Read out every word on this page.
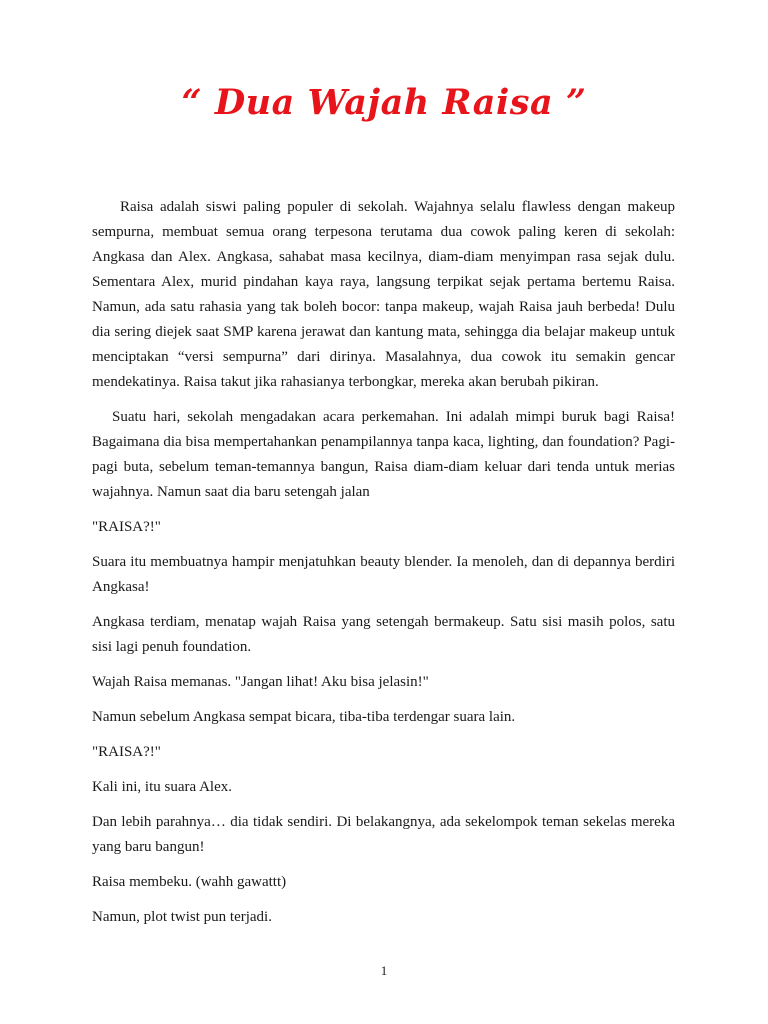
“ Dua Wajah Raisa ”

Raisa adalah siswi paling populer di sekolah. Wajahnya selalu flawless dengan makeup sempurna, membuat semua orang terpesona terutama dua cowok paling keren di sekolah: Angkasa dan Alex. Angkasa, sahabat masa kecilnya, diam-diam menyimpan rasa sejak dulu. Sementara Alex, murid pindahan kaya raya, langsung terpikat sejak pertama bertemu Raisa. Namun, ada satu rahasia yang tak boleh bocor: tanpa makeup, wajah Raisa jauh berbeda! Dulu dia sering diejek saat SMP karena jerawat dan kantung mata, sehingga dia belajar makeup untuk menciptakan “versi sempurna” dari dirinya. Masalahnya, dua cowok itu semakin gencar mendekatinya. Raisa takut jika rahasianya terbongkar, mereka akan berubah pikiran.

Suatu hari, sekolah mengadakan acara perkemahan. Ini adalah mimpi buruk bagi Raisa! Bagaimana dia bisa mempertahankan penampilannya tanpa kaca, lighting, dan foundation? Pagi-pagi buta, sebelum teman-temannya bangun, Raisa diam-diam keluar dari tenda untuk merias wajahnya. Namun saat dia baru setengah jalan

"RAISA?!"

Suara itu membuatnya hampir menjatuhkan beauty blender. Ia menoleh, dan di depannya berdiri Angkasa!

Angkasa terdiam, menatap wajah Raisa yang setengah bermakeup. Satu sisi masih polos, satu sisi lagi penuh foundation.

Wajah Raisa memanas. "Jangan lihat! Aku bisa jelasin!"

Namun sebelum Angkasa sempat bicara, tiba-tiba terdengar suara lain.

"RAISA?!"

Kali ini, itu suara Alex.

Dan lebih parahnya… dia tidak sendiri. Di belakangnya, ada sekelompok teman sekelas mereka yang baru bangun!

Raisa membeku. (wahh gawattt)

Namun, plot twist pun terjadi.

1
